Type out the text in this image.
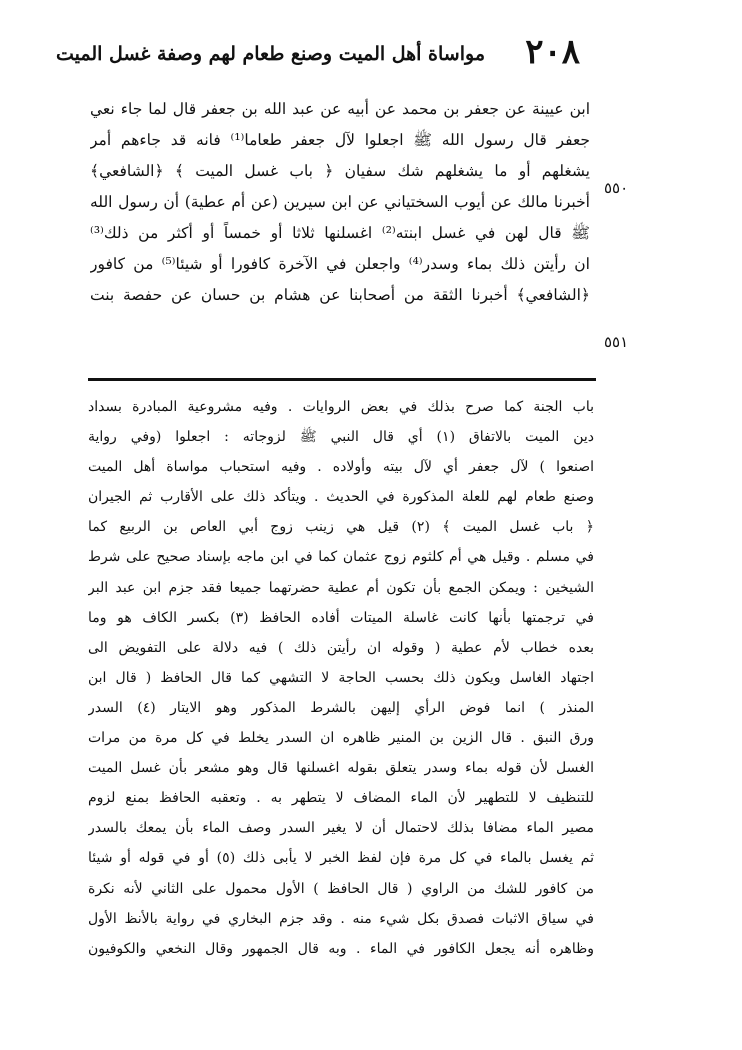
٢٠٨
مواساة أهل الميت وصنع طعام لهم وصفة غسل الميت
ابن عيينة عن جعفر بن محمد عن أبيه عن عبد الله بن جعفر قال لما جاء نعي
جعفر قال رسول الله ﷺ اجعلوا لآل جعفر طعاما⁽¹⁾ فانه قد جاءهم أمر
يشغلهم أو ما يشغلهم شك سفيان ﴿ باب غسل الميت ﴾ ﴿الشافعي﴾
أخبرنا مالك عن أيوب السختياني عن ابن سيرين (عن أم عطية) أن رسول الله
ﷺ قال لهن في غسل ابنته⁽²⁾ اغسلنها ثلاثا أو خمساً أو أكثر من ذلك⁽³⁾
ان رأيتن ذلك بماء وسدر⁽⁴⁾ واجعلن في الآخرة كافورا أو شيئا⁽⁵⁾ من كافور
﴿الشافعي﴾ أخبرنا الثقة من أصحابنا عن هشام بن حسان عن حفصة بنت
٥٥٠
٥٥١
باب الجنة كما صرح بذلك في بعض الروايات . وفيه مشروعية المبادرة بسداد
دين الميت بالاتفاق (١) أي قال النبي ﷺ لزوجاته : اجعلوا (وفي رواية
اصنعوا ) لآل جعفر أي لآل بيته وأولاده . وفيه استحباب مواساة أهل الميت
وصنع طعام لهم للعلة المذكورة في الحديث . ويتأكد ذلك على الأقارب ثم الجيران
﴿ باب غسل الميت ﴾ (٢) قيل هي زينب زوج أبي العاص بن الربيع كما
في مسلم . وقيل هي أم كلثوم زوج عثمان كما في ابن ماجه بإسناد صحيح على شرط
الشيخين : ويمكن الجمع بأن تكون أم عطية حضرتهما جميعا فقد جزم ابن عبد البر
في ترجمتها بأنها كانت غاسلة الميتات أفاده الحافظ (٣) بكسر الكاف هو وما
بعده خطاب لأم عطية ( وقوله ان رأيتن ذلك ) فيه دلالة على التفويض الى
اجتهاد الغاسل ويكون ذلك بحسب الحاجة لا التشهي كما قال الحافظ ( قال ابن
المنذر ) انما فوض الرأي إليهن بالشرط المذكور وهو الايتار (٤) السدر
ورق النبق . قال الزين بن المنير ظاهره ان السدر يخلط في كل مرة من مرات
الغسل لأن قوله بماء وسدر يتعلق بقوله اغسلنها قال وهو مشعر بأن غسل الميت
للتنظيف لا للتطهير لأن الماء المضاف لا يتطهر به . وتعقبه الحافظ بمنع لزوم
مصير الماء مضافا بذلك لاحتمال أن لا يغير السدر وصف الماء بأن يمعك بالسدر
ثم يغسل بالماء في كل مرة فإن لفظ الخبر لا يأبى ذلك (٥) أو في قوله أو شيئا
من كافور للشك من الراوي ( قال الحافظ ) الأول محمول على الثاني لأنه نكرة
في سياق الاثبات فصدق بكل شيء منه . وقد جزم البخاري في رواية بالأنظ الأول
وظاهره أنه يجعل الكافور في الماء . وبه قال الجمهور وقال النخعي والكوفيون
